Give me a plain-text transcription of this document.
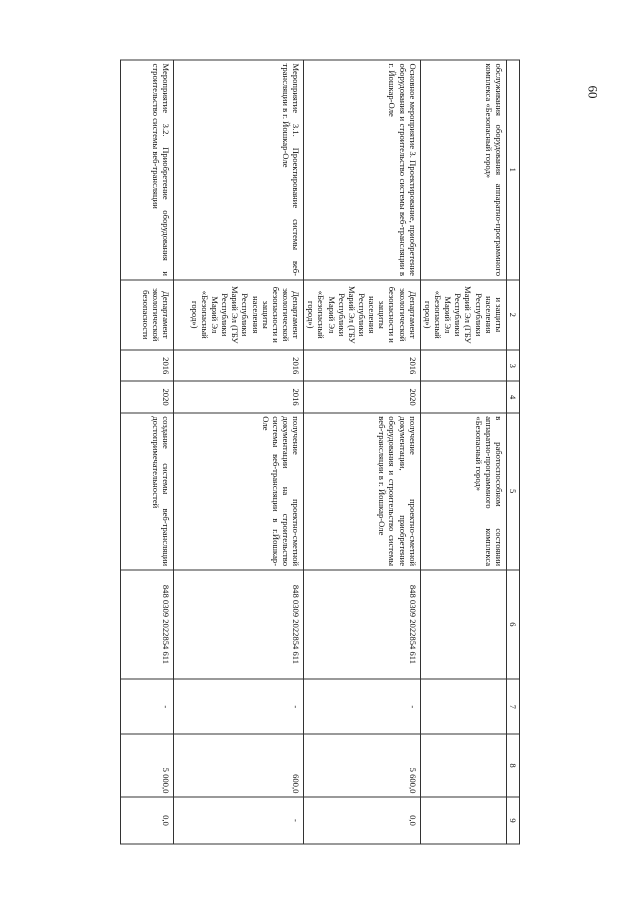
60
1	2	3	4	5	6	7	8	9
обслуживания оборудования аппаратно-программного комплекса «Безопасный город»	и защиты населения Республики Марий Эл (ГБУ Республики Марий Эл «Безопасный город»)			в работоспособном состоянии аппаратно-программного комплекса «Безопасный город»				
Основное мероприятие 3. Проектирование, приобретение оборудования и строительство системы веб-трансляции в г. Йошкар-Оле	Департамент экологической безопасности и защиты населения Республики Марий Эл (ГБУ Республики Марий Эл «Безопасный город»)	2016	2020	получение проектно-сметной документации, приобретение оборудования и строительство системы веб-трансляции в г. Йошкар-Оле	848 0309 2022854 611	-	5 600,0	0,0
Мероприятие 3.1. Проектирование системы веб-трансляции в г. Йошкар-Оле	Департамент экологической безопасности и защиты населения Республики Марий Эл (ГБУ Республики Марий Эл «Безопасный город»)	2016	2016	получение проектно-сметной документации на строительство системы веб-трансляции в г.Йошкар-Оле	848 0309 2022854 611	-	600,0	-
Мероприятие 3.2. Приобретение оборудования и строительство системы веб-трансляции	Департамент экологической безопасности	2016	2020	создание системы веб-трансляции достопримечательностей	848 0309 2022854 611	-	5 000,0	0,0
